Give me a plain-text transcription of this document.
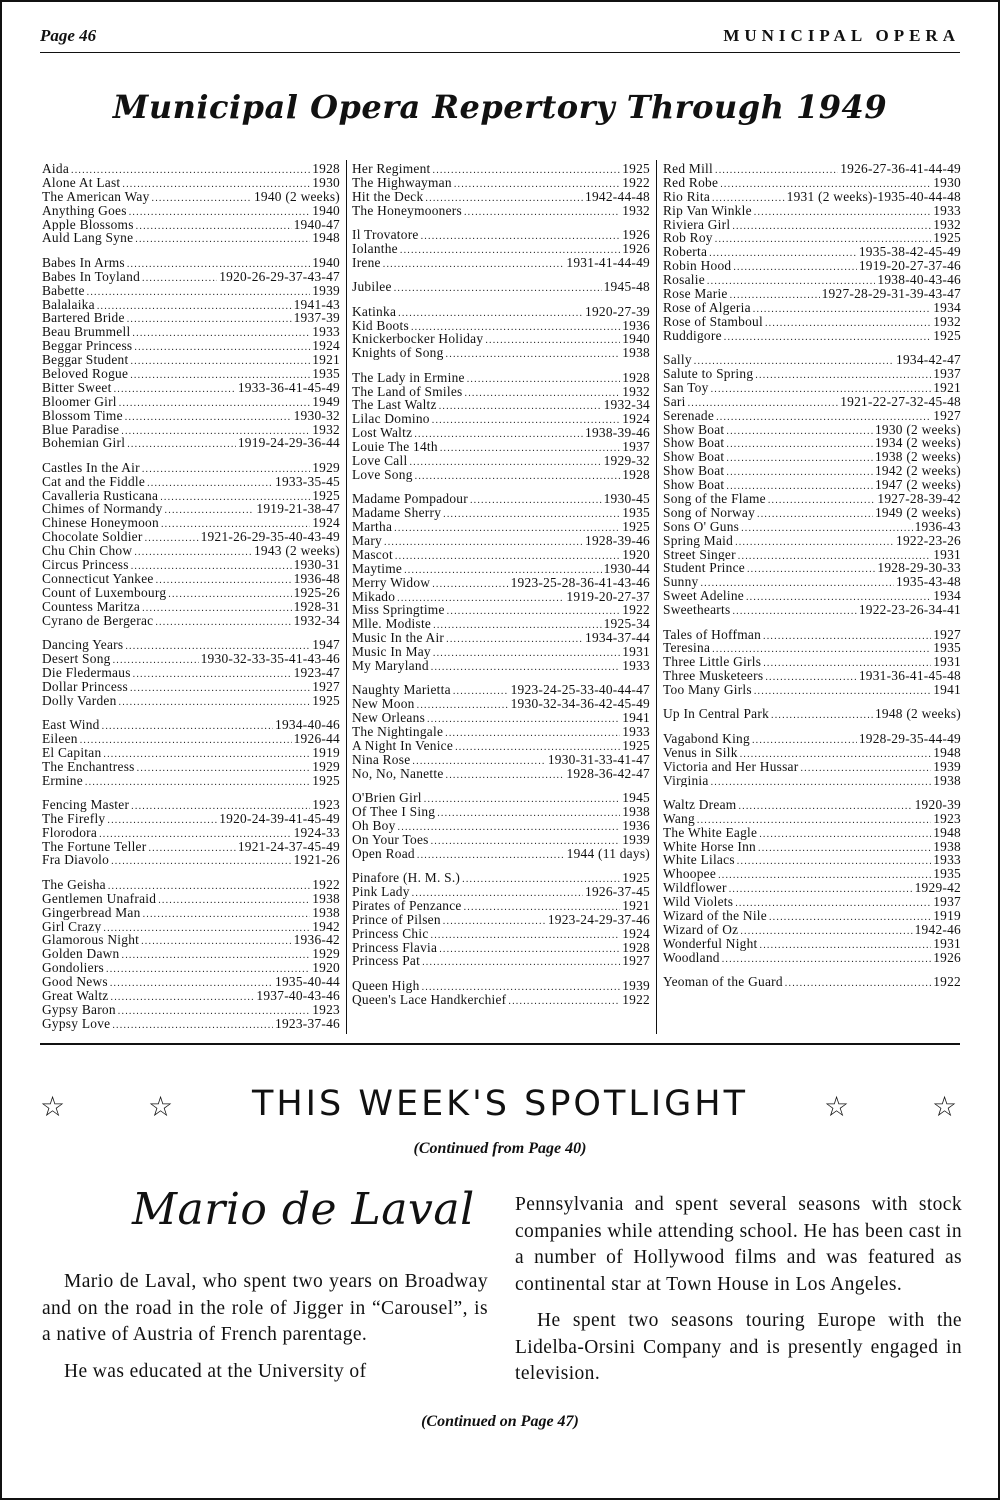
Page 46	MUNICIPAL OPERA
Municipal Opera Repertory Through 1949
Aida .....	1928
Alone At Last .....	1930
The American Way .....	1940 (2 weeks)
Anything Goes .....	1940
Apple Blossoms .....	1940-47
Auld Lang Syne .....	1948
Babes In Arms .....	1940
Babes In Toyland .....	1920-26-29-37-43-47
Babette .....	1939
Balalaika .....	1941-43
Bartered Bride .....	1937-39
Beau Brummell .....	1933
Beggar Princess .....	1924
Beggar Student .....	1921
Beloved Rogue .....	1935
Bitter Sweet .....	1933-36-41-45-49
Bloomer Girl .....	1949
Blossom Time .....	1930-32
Blue Paradise .....	1932
Bohemian Girl .....	1919-24-29-36-44
Castles In the Air .....	1929
Cat and the Fiddle .....	1933-35-45
Cavalleria Rusticana .....	1925
Chimes of Normandy .....	1919-21-38-47
Chinese Honeymoon .....	1924
Chocolate Soldier .....	1921-26-29-35-40-43-49
Chu Chin Chow .....	1943 (2 weeks)
Circus Princess .....	1930-31
Connecticut Yankee .....	1936-48
Count of Luxembourg .....	1925-26
Countess Maritza .....	1928-31
Cyrano de Bergerac .....	1932-34
Dancing Years .....	1947
Desert Song .....	1930-32-33-35-41-43-46
Die Fledermaus .....	1923-47
Dollar Princess .....	1927
Dolly Varden .....	1925
East Wind .....	1934-40-46
Eileen .....	1926-44
El Capitan .....	1919
The Enchantress .....	1929
Ermine .....	1925
Fencing Master .....	1923
The Firefly .....	1920-24-39-41-45-49
Florodora .....	1924-33
The Fortune Teller .....	1921-24-37-45-49
Fra Diavolo .....	1921-26
The Geisha .....	1922
Gentlemen Unafraid .....	1938
Gingerbread Man .....	1938
Girl Crazy .....	1942
Glamorous Night .....	1936-42
Golden Dawn .....	1929
Gondoliers .....	1920
Good News .....	1935-40-44
Great Waltz .....	1937-40-43-46
Gypsy Baron .....	1923
Gypsy Love .....	1923-37-46
Her Regiment .....	1925
The Highwayman .....	1922
Hit the Deck .....	1942-44-48
The Honeymooners .....	1932
Il Trovatore .....	1926
Iolanthe .....	1926
Irene .....	1931-41-44-49
Jubilee .....	1945-48
Katinka .....	1920-27-39
Kid Boots .....	1936
Knickerbocker Holiday .....	1940
Knights of Song .....	1938
The Lady in Ermine .....	1928
The Land of Smiles .....	1932
The Last Waltz .....	1932-34
Lilac Domino .....	1924
Lost Waltz .....	1938-39-46
Louie The 14th .....	1937
Love Call .....	1929-32
Love Song .....	1928
Madame Pompadour .....	1930-45
Madame Sherry .....	1935
Martha .....	1925
Mary .....	1928-39-46
Mascot .....	1920
Maytime .....	1930-44
Merry Widow .....	1923-25-28-36-41-43-46
Mikado .....	1919-20-27-37
Miss Springtime .....	1922
Mlle. Modiste .....	1925-34
Music In the Air .....	1934-37-44
Music In May .....	1931
My Maryland .....	1933
Naughty Marietta .....	1923-24-25-33-40-44-47
New Moon .....	1930-32-34-36-42-45-49
New Orleans .....	1941
The Nightingale .....	1933
A Night In Venice .....	1925
Nina Rose .....	1930-31-33-41-47
No, No, Nanette .....	1928-36-42-47
O'Brien Girl .....	1945
Of Thee I Sing .....	1938
Oh Boy .....	1936
On Your Toes .....	1939
Open Road .....	1944 (11 days)
Pinafore (H. M. S.) .....	1925
Pink Lady .....	1926-37-45
Pirates of Penzance .....	1921
Prince of Pilsen .....	1923-24-29-37-46
Princess Chic .....	1924
Princess Flavia .....	1928
Princess Pat .....	1927
Queen High .....	1939
Queen's Lace Handkerchief .....	1922
Red Mill .....	1926-27-36-41-44-49
Red Robe .....	1930
Rio Rita .....	1931 (2 weeks)-1935-40-44-48
Rip Van Winkle .....	1933
Riviera Girl .....	1932
Rob Roy .....	1925
Roberta .....	1935-38-42-45-49
Robin Hood .....	1919-20-27-37-46
Rosalie .....	1938-40-43-46
Rose Marie .....	1927-28-29-31-39-43-47
Rose of Algeria .....	1934
Rose of Stamboul .....	1932
Ruddigore .....	1925
Sally .....	1934-42-47
Salute to Spring .....	1937
San Toy .....	1921
Sari .....	1921-22-27-32-45-48
Serenade .....	1927
Show Boat .....	1930 (2 weeks)
Show Boat .....	1934 (2 weeks)
Show Boat .....	1938 (2 weeks)
Show Boat .....	1942 (2 weeks)
Show Boat .....	1947 (2 weeks)
Song of the Flame .....	1927-28-39-42
Song of Norway .....	1949 (2 weeks)
Sons O' Guns .....	1936-43
Spring Maid .....	1922-23-26
Street Singer .....	1931
Student Prince .....	1928-29-30-33
Sunny .....	1935-43-48
Sweet Adeline .....	1934
Sweethearts .....	1922-23-26-34-41
Tales of Hoffman .....	1927
Teresina .....	1935
Three Little Girls .....	1931
Three Musketeers .....	1931-36-41-45-48
Too Many Girls .....	1941
Up In Central Park .....	1948 (2 weeks)
Vagabond King .....	1928-29-35-44-49
Venus in Silk .....	1948
Victoria and Her Hussar .....	1939
Virginia .....	1938
Waltz Dream .....	1920-39
Wang .....	1923
The White Eagle .....	1948
White Horse Inn .....	1938
White Lilacs .....	1933
Whoopee .....	1935
Wildflower .....	1929-42
Wild Violets .....	1937
Wizard of the Nile .....	1919
Wizard of Oz .....	1942-46
Wonderful Night .....	1931
Woodland .....	1926
Yeoman of the Guard .....	1922
☆	☆	THIS WEEK'S SPOTLIGHT	☆	☆
(Continued from Page 40)
Mario de Laval

Mario de Laval, who spent two years on Broadway and on the road in the role of Jigger in “Carousel”, is a native of Austria of French parentage.

He was educated at the University of

Pennsylvania and spent several seasons with stock companies while attending school. He has been cast in a number of Hollywood films and was featured as continental star at Town House in Los Angeles.

He spent two seasons touring Europe with the Lidelba-Orsini Company and is presently engaged in television.

(Continued on Page 47)
